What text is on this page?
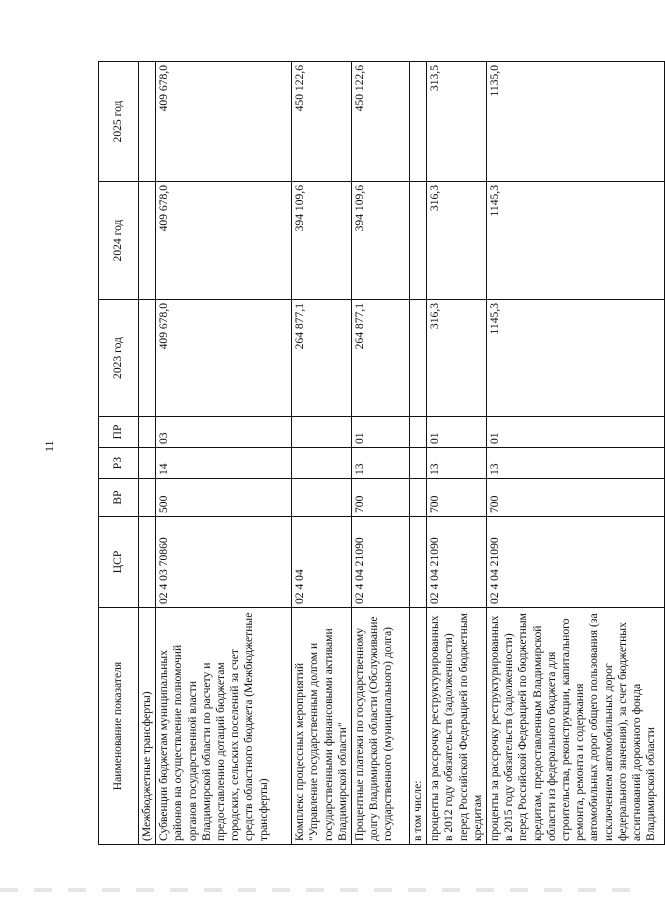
11
Наименование показателя	ЦСР	ВР	РЗ	ПР	2023 год	2024 год	2025 год
(Межбюджетные трансферты)							
Субвенции бюджетам муниципальных районов на осуществление полномочий органов государственной власти Владимирской области по расчету и предоставлению дотаций бюджетам городских, сельских поселений за счет средств областного бюджета (Межбюджетные трансферты)	02 4 03 70860	500	14	03	409 678,0	409 678,0	409 678,0
Комплекс процессных мероприятий "Управление государственным долгом и государственными финансовыми активами Владимирской области"	02 4 04				264 877,1	394 109,6	450 122,6
Процентные платежи по государственному долгу Владимирской области (Обслуживание государственного (муниципального) долга)	02 4 04 21090	700	13	01	264 877,1	394 109,6	450 122,6
в том числе:							
проценты за рассрочку реструктурированных в 2012 году обязательств (задолженности) перед Российской Федерацией по бюджетным кредитам	02 4 04 21090	700	13	01	316,3	316,3	313,5
проценты за рассрочку реструктурированных в 2015 году обязательств (задолженности) перед Российской Федерацией по бюджетным кредитам, предоставленным Владимирской области из федерального бюджета для строительства, реконструкции, капитального ремонта, ремонта и содержания автомобильных дорог общего пользования (за исключением автомобильных дорог федерального значения), за счет бюджетных ассигнований дорожного фонда Владимирской области	02 4 04 21090	700	13	01	1145,3	1145,3	1135,0
